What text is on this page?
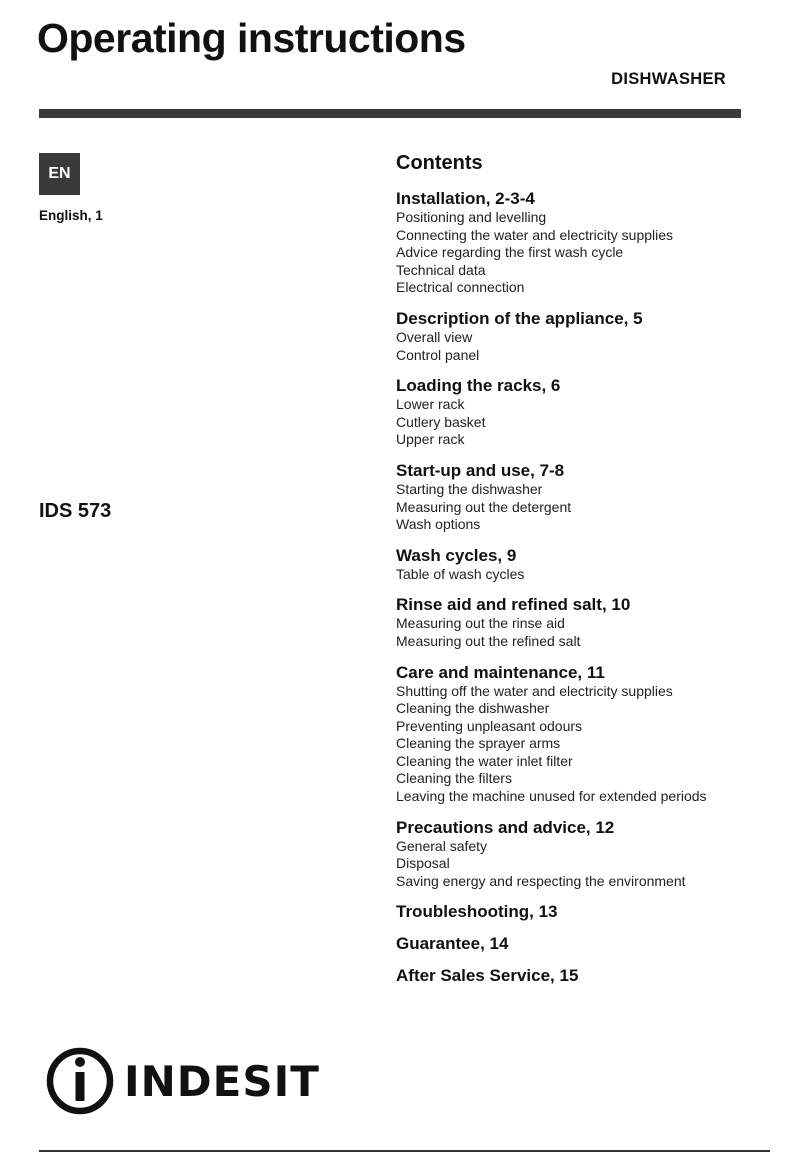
Operating instructions
DISHWASHER
EN
English, 1
IDS 573
Contents
Installation, 2-3-4
Positioning and levelling
Connecting the water and electricity supplies
Advice regarding the first wash cycle
Technical data
Electrical connection
Description of the appliance, 5
Overall view
Control panel
Loading the racks, 6
Lower rack
Cutlery basket
Upper rack
Start-up and use, 7-8
Starting the dishwasher
Measuring out the detergent
Wash options
Wash cycles, 9
Table of wash cycles
Rinse aid and refined salt, 10
Measuring out the rinse aid
Measuring out the refined salt
Care and maintenance, 11
Shutting off the water and electricity supplies
Cleaning the dishwasher
Preventing unpleasant odours
Cleaning the sprayer arms
Cleaning the water inlet filter
Cleaning the filters
Leaving the machine unused for extended periods
Precautions and advice, 12
General safety
Disposal
Saving energy and respecting the environment
Troubleshooting, 13
Guarantee, 14
After Sales Service, 15
INDESIT
